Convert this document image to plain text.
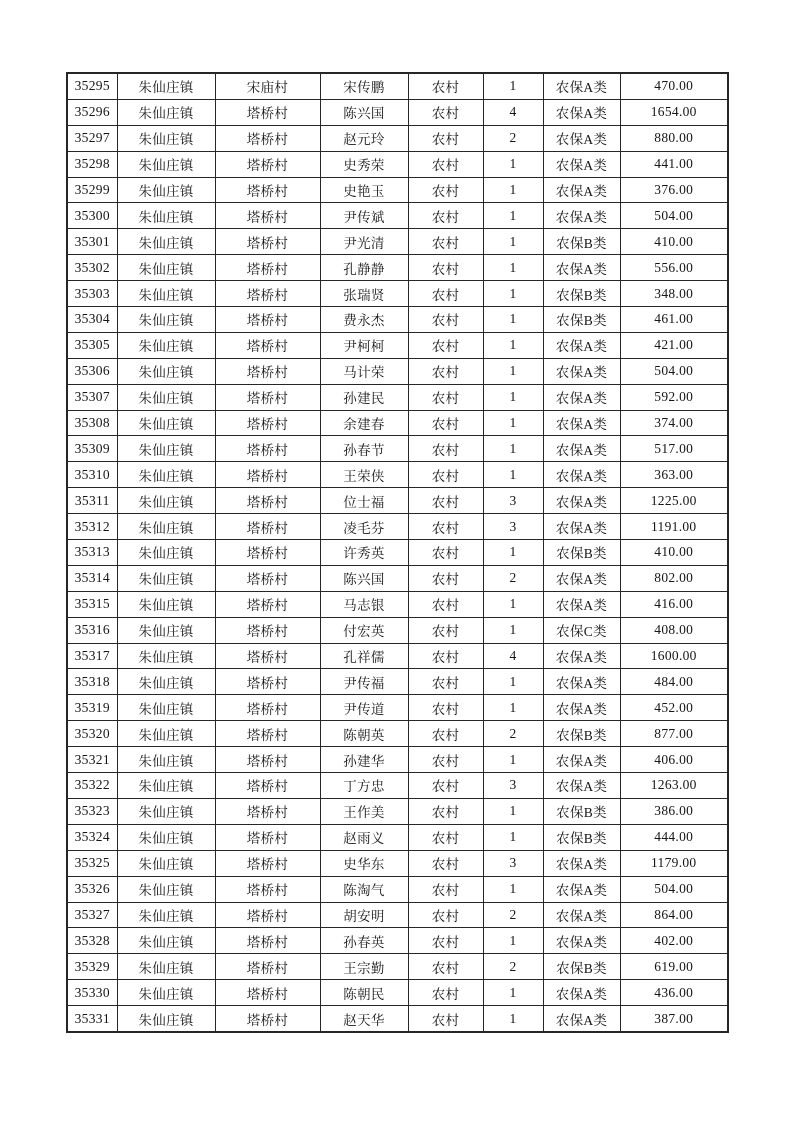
35295	朱仙庄镇	宋庙村	宋传鹏	农村	1	农保A类	470.00
35296	朱仙庄镇	塔桥村	陈兴国	农村	4	农保A类	1654.00
35297	朱仙庄镇	塔桥村	赵元玲	农村	2	农保A类	880.00
35298	朱仙庄镇	塔桥村	史秀荣	农村	1	农保A类	441.00
35299	朱仙庄镇	塔桥村	史艳玉	农村	1	农保A类	376.00
35300	朱仙庄镇	塔桥村	尹传斌	农村	1	农保A类	504.00
35301	朱仙庄镇	塔桥村	尹光清	农村	1	农保B类	410.00
35302	朱仙庄镇	塔桥村	孔静静	农村	1	农保A类	556.00
35303	朱仙庄镇	塔桥村	张瑞贤	农村	1	农保B类	348.00
35304	朱仙庄镇	塔桥村	费永杰	农村	1	农保B类	461.00
35305	朱仙庄镇	塔桥村	尹柯柯	农村	1	农保A类	421.00
35306	朱仙庄镇	塔桥村	马计荣	农村	1	农保A类	504.00
35307	朱仙庄镇	塔桥村	孙建民	农村	1	农保A类	592.00
35308	朱仙庄镇	塔桥村	余建春	农村	1	农保A类	374.00
35309	朱仙庄镇	塔桥村	孙春节	农村	1	农保A类	517.00
35310	朱仙庄镇	塔桥村	王荣侠	农村	1	农保A类	363.00
35311	朱仙庄镇	塔桥村	位士福	农村	3	农保A类	1225.00
35312	朱仙庄镇	塔桥村	凌毛芬	农村	3	农保A类	1191.00
35313	朱仙庄镇	塔桥村	许秀英	农村	1	农保B类	410.00
35314	朱仙庄镇	塔桥村	陈兴国	农村	2	农保A类	802.00
35315	朱仙庄镇	塔桥村	马志银	农村	1	农保A类	416.00
35316	朱仙庄镇	塔桥村	付宏英	农村	1	农保C类	408.00
35317	朱仙庄镇	塔桥村	孔祥儒	农村	4	农保A类	1600.00
35318	朱仙庄镇	塔桥村	尹传福	农村	1	农保A类	484.00
35319	朱仙庄镇	塔桥村	尹传道	农村	1	农保A类	452.00
35320	朱仙庄镇	塔桥村	陈朝英	农村	2	农保B类	877.00
35321	朱仙庄镇	塔桥村	孙建华	农村	1	农保A类	406.00
35322	朱仙庄镇	塔桥村	丁方忠	农村	3	农保A类	1263.00
35323	朱仙庄镇	塔桥村	王作美	农村	1	农保B类	386.00
35324	朱仙庄镇	塔桥村	赵雨义	农村	1	农保B类	444.00
35325	朱仙庄镇	塔桥村	史华东	农村	3	农保A类	1179.00
35326	朱仙庄镇	塔桥村	陈淘气	农村	1	农保A类	504.00
35327	朱仙庄镇	塔桥村	胡安明	农村	2	农保A类	864.00
35328	朱仙庄镇	塔桥村	孙春英	农村	1	农保A类	402.00
35329	朱仙庄镇	塔桥村	王宗勤	农村	2	农保B类	619.00
35330	朱仙庄镇	塔桥村	陈朝民	农村	1	农保A类	436.00
35331	朱仙庄镇	塔桥村	赵天华	农村	1	农保A类	387.00
